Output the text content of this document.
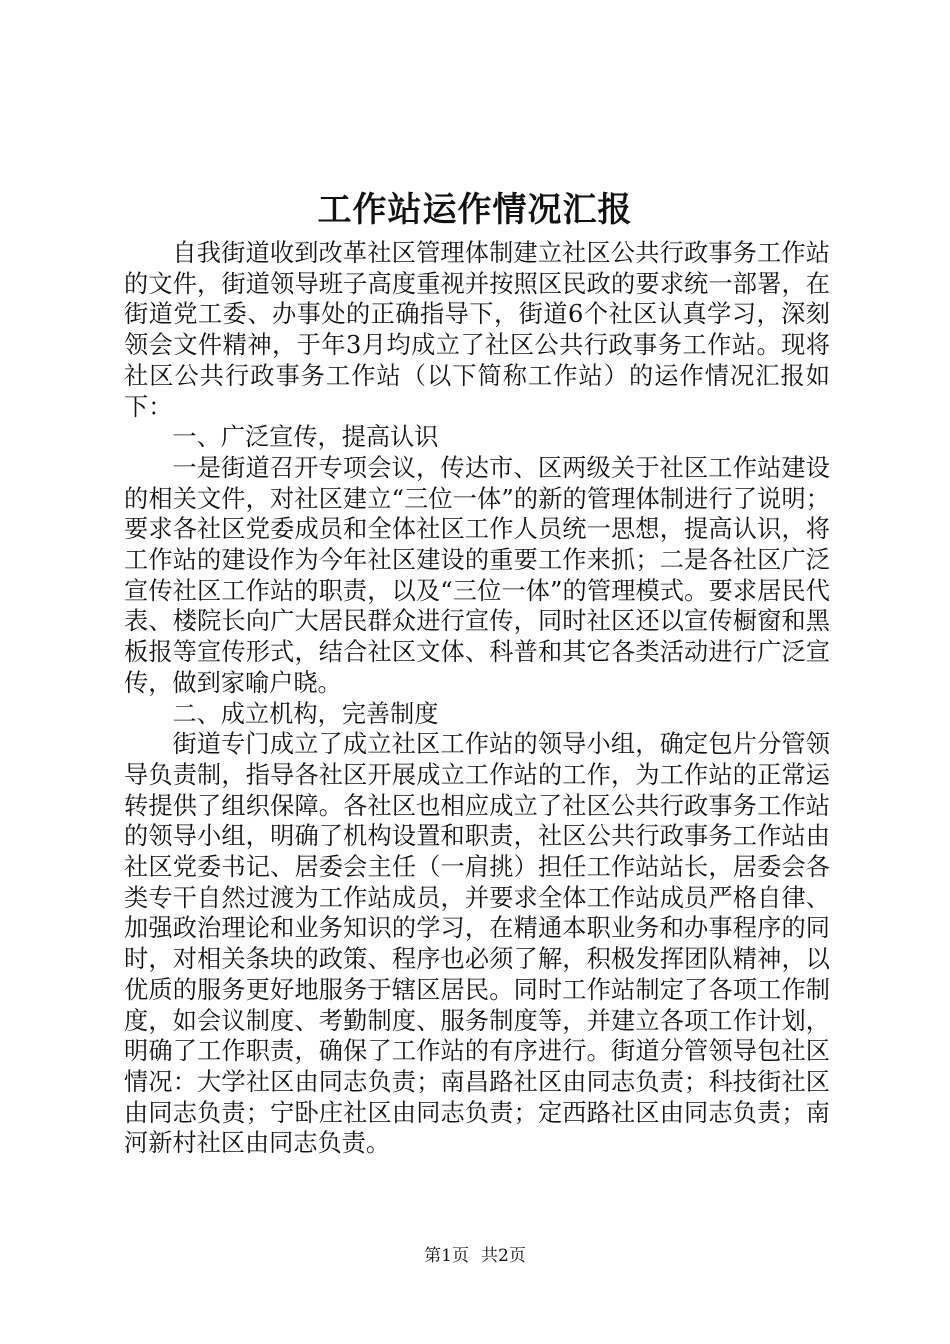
工作站运作情况汇报

自我街道收到改革社区管理体制建立社区公共行政事务工作站的文件，街道领导班子高度重视并按照区民政的要求统一部署，在街道党工委、办事处的正确指导下，街道6个社区认真学习，深刻领会文件精神，于年3月均成立了社区公共行政事务工作站。现将社区公共行政事务工作站（以下简称工作站）的运作情况汇报如下：

一、广泛宣传，提高认识

一是街道召开专项会议，传达市、区两级关于社区工作站建设的相关文件，对社区建立“三位一体”的新的管理体制进行了说明；要求各社区党委成员和全体社区工作人员统一思想，提高认识，将工作站的建设作为今年社区建设的重要工作来抓；二是各社区广泛宣传社区工作站的职责，以及“三位一体”的管理模式。要求居民代表、楼院长向广大居民群众进行宣传，同时社区还以宣传橱窗和黑板报等宣传形式，结合社区文体、科普和其它各类活动进行广泛宣传，做到家喻户晓。

二、成立机构，完善制度

街道专门成立了成立社区工作站的领导小组，确定包片分管领导负责制，指导各社区开展成立工作站的工作，为工作站的正常运转提供了组织保障。各社区也相应成立了社区公共行政事务工作站的领导小组，明确了机构设置和职责，社区公共行政事务工作站由社区党委书记、居委会主任（一肩挑）担任工作站站长，居委会各类专干自然过渡为工作站成员，并要求全体工作站成员严格自律、加强政治理论和业务知识的学习，在精通本职业务和办事程序的同时，对相关条块的政策、程序也必须了解，积极发挥团队精神，以优质的服务更好地服务于辖区居民。同时工作站制定了各项工作制度，如会议制度、考勤制度、服务制度等，并建立各项工作计划，明确了工作职责，确保了工作站的有序进行。街道分管领导包社区情况：大学社区由同志负责；南昌路社区由同志负责；科技街社区由同志负责；宁卧庄社区由同志负责；定西路社区由同志负责；南河新村社区由同志负责。

第1页 共2页
